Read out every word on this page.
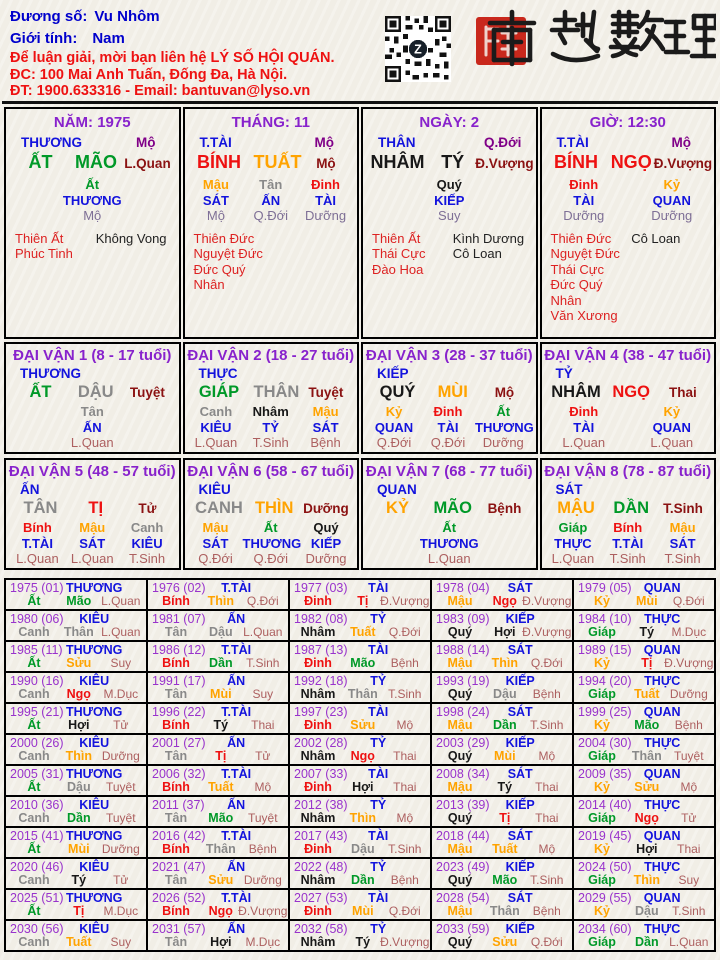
Đương số: Vu Nhôm
Giới tính: Nam
Để luận giải, mời bạn liên hệ LÝ SỐ HỘI QUÁN.
ĐC: 100 Mai Anh Tuấn, Đống Đa, Hà Nội.
ĐT: 1900.633316 - Email: bantuvan@lyso.vn
Z
NĂM: 1975
THƯƠNG	Mộ
ẤT	MÃO L.Quan
Ất
THƯƠNG
Mộ
Thiên Ất
Phúc Tinh
Không Vong
THÁNG: 11
T.TÀI	Mộ
BÍNH TUẤT	Mộ
Mậu
SÁT
Mộ
Tân
ẤN
Q.Đới
Đinh
TÀI
Dưỡng
Thiên Đức
Nguyệt Đức
Đức Quý Nhân
NGÀY: 2
THÂN	Q.Đới
NHÂM TÝ Đ.Vượng
Quý
KIẾP
Suy
Thiên Ất
Thái Cực
Đào Hoa
Kình Dương
Cô Loan
GIỜ: 12:30
T.TÀI	Mộ
BÍNH NGỌ Đ.Vượng
Đinh
TÀI
Dưỡng
Kỷ
QUAN
Dưỡng
Thiên Đức
Nguyệt Đức
Thái Cực
Đức Quý Nhân
Văn Xương
Cô Loan
ĐẠI VẬN 1 (8 - 17 tuổi)
THƯƠNG
ẤT	DẬU	Tuyệt
Tân
ẤN
L.Quan
ĐẠI VẬN 2 (18 - 27 tuổi)
THỰC
GIÁP THÂN Tuyệt
Canh
KIÊU
L.Quan
Nhâm
TỶ
T.Sinh
Mậu
SÁT
Bệnh
ĐẠI VẬN 3 (28 - 37 tuổi)
KIẾP
QUÝ	MÙI	Mộ
Kỷ
QUAN
Q.Đới
Đinh
TÀI
Q.Đới
Ất
THƯƠNG
Dưỡng
ĐẠI VẬN 4 (38 - 47 tuổi)
TỶ
NHÂM NGỌ	Thai
Đinh
TÀI
L.Quan
Kỷ
QUAN
L.Quan
ĐẠI VẬN 5 (48 - 57 tuổi)
ẤN
TÂN	TỊ	Tử
Bính
T.TÀI
L.Quan
Mậu
SÁT
L.Quan
Canh
KIÊU
T.Sinh
ĐẠI VẬN 6 (58 - 67 tuổi)
KIÊU
CANH THÌN Dưỡng
Mậu
SÁT
Q.Đới
Ất
THƯƠNG
Q.Đới
Quý
KIẾP
Dưỡng
ĐẠI VẬN 7 (68 - 77 tuổi)
QUAN
KỶ	MÃO	Bệnh
Ất
THƯƠNG
L.Quan
ĐẠI VẬN 8 (78 - 87 tuổi)
SÁT
MẬU	DẦN	T.Sinh
Giáp
THỰC
L.Quan
Bính
T.TÀI
T.Sinh
Mậu
SÁT
T.Sinh
1975 (01) THƯƠNG
Ất	Mão L.Quan
1976 (02) T.TÀI
Bính	Thìn	Q.Đới
1977 (03) TÀI
Đinh	Tị Đ.Vượng
1978 (04) SÁT
Mậu	Ngọ Đ.Vượng
1979 (05) QUAN
Kỷ	Mùi	Q.Đới
1980 (06) KIÊU
Canh	Thân L.Quan
1981 (07) ẤN
Tân	Dậu L.Quan
1982 (08) TỶ
Nhâm	Tuất	Q.Đới
1983 (09) KIẾP
Quý	Hợi Đ.Vượng
1984 (10) THỰC
Giáp	Tý	M.Dục
1985 (11) THƯƠNG
Ất	Sửu	Suy
1986 (12) T.TÀI
Bính	Dần	T.Sinh
1987 (13) TÀI
Đinh	Mão	Bệnh
1988 (14) SÁT
Mậu	Thìn	Q.Đới
1989 (15) QUAN
Kỷ	Tị Đ.Vượng
1990 (16) KIÊU
Canh	Ngọ	M.Dục
1991 (17) ẤN
Tân	Mùi	Suy
1992 (18) TỶ
Nhâm	Thân T.Sinh
1993 (19) KIẾP
Quý	Dậu	Bệnh
1994 (20) THỰC
Giáp	Tuất Dưỡng
1995 (21) THƯƠNG
Ất	Hợi	Tử
1996 (22) T.TÀI
Bính	Tý	Thai
1997 (23) TÀI
Đinh	Sửu	Mộ
1998 (24) SÁT
Mậu	Dần	T.Sinh
1999 (25) QUAN
Kỷ	Mão	Bệnh
2000 (26) KIÊU
Canh	Thìn Dưỡng
2001 (27) ẤN
Tân	Tị	Tử
2002 (28) TỶ
Nhâm	Ngọ	Thai
2003 (29) KIẾP
Quý	Mùi	Mộ
2004 (30) THỰC
Giáp	Thân	Tuyệt
2005 (31) THƯƠNG
Ất	Dậu	Tuyệt
2006 (32) T.TÀI
Bính	Tuất	Mộ
2007 (33) TÀI
Đinh	Hợi	Thai
2008 (34) SÁT
Mậu	Tý	Thai
2009 (35) QUAN
Kỷ	Sửu	Mộ
2010 (36) KIÊU
Canh	Dần	Tuyệt
2011 (37) ẤN
Tân	Mão	Tuyệt
2012 (38) TỶ
Nhâm	Thìn	Mộ
2013 (39) KIẾP
Quý	Tị	Thai
2014 (40) THỰC
Giáp	Ngọ	Tử
2015 (41) THƯƠNG
Ất	Mùi	Dưỡng
2016 (42) T.TÀI
Bính	Thân	Bệnh
2017 (43) TÀI
Đinh	Dậu	T.Sinh
2018 (44) SÁT
Mậu	Tuất	Mộ
2019 (45) QUAN
Kỷ	Hợi	Thai
2020 (46) KIÊU
Canh	Tý	Tử
2021 (47) ẤN
Tân	Sửu Dưỡng
2022 (48) TỶ
Nhâm	Dần	Bệnh
2023 (49) KIẾP
Quý	Mão	T.Sinh
2024 (50) THỰC
Giáp	Thìn	Suy
2025 (51) THƯƠNG
Ất	Tị	M.Dục
2026 (52) T.TÀI
Bính	Ngọ Đ.Vượng
2027 (53) TÀI
Đinh	Mùi	Q.Đới
2028 (54) SÁT
Mậu	Thân	Bệnh
2029 (55) QUAN
Kỷ	Dậu	T.Sinh
2030 (56) KIÊU
Canh	Tuất	Suy
2031 (57) ẤN
Tân	Hợi	M.Dục
2032 (58) TỶ
Nhâm	Tý Đ.Vượng
2033 (59) KIẾP
Quý	Sửu	Q.Đới
2034 (60) THỰC
Giáp	Dần L.Quan
